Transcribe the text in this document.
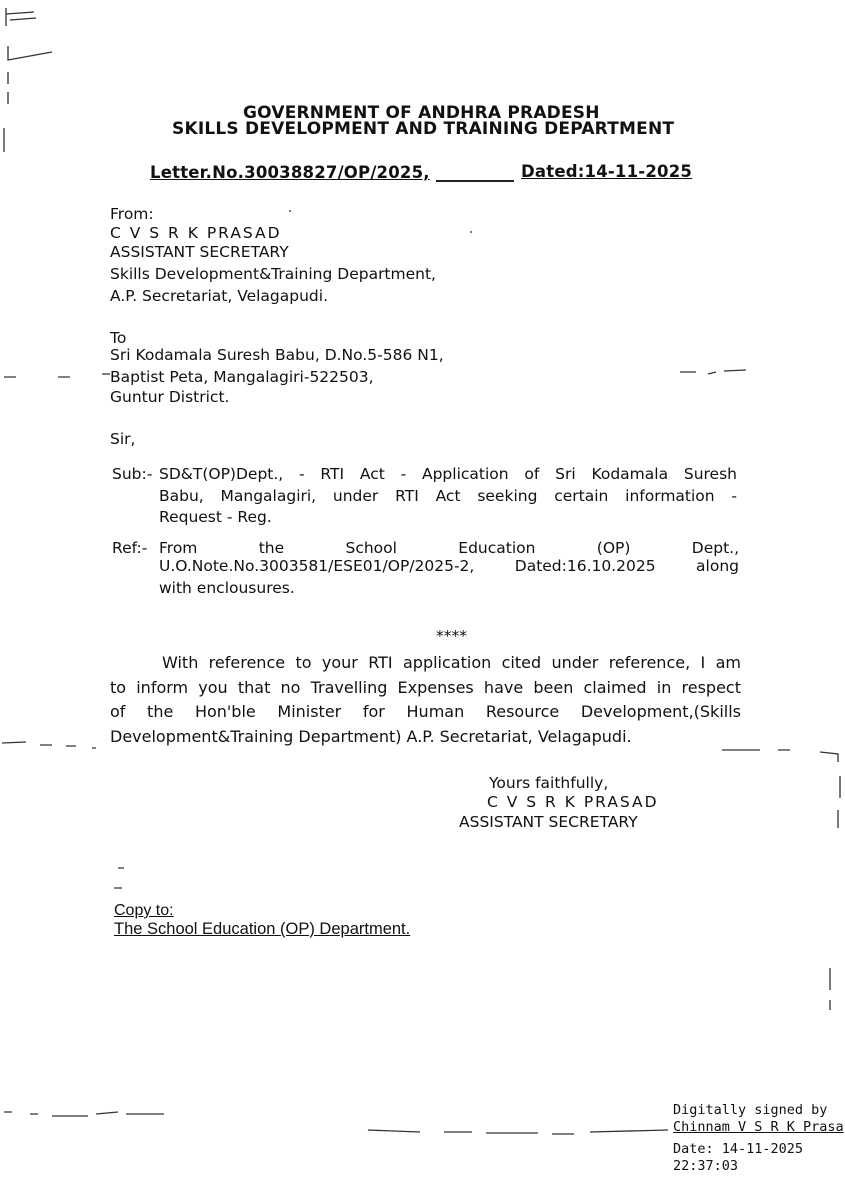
GOVERNMENT OF ANDHRA PRADESH
SKILLS DEVELOPMENT AND TRAINING DEPARTMENT
Letter.No.30038827/OP/2025,	Dated:14-11-2025
From:
C V S R K PRASAD
ASSISTANT SECRETARY
Skills Development&Training Department,
A.P. Secretariat, Velagapudi.
To
Sri Kodamala Suresh Babu, D.No.5-586 N1,
Baptist Peta, Mangalagiri-522503,
Guntur District.
Sir,
Sub:- SD&T(OP)Dept., - RTI Act - Application of Sri Kodamala Suresh
Babu, Mangalagiri, under RTI Act seeking certain information -
Request - Reg.
Ref:- From the School Education (OP) Dept.,
U.O.Note.No.3003581/ESE01/OP/2025-2, Dated:16.10.2025 along
with enclousures.
****
With reference to your RTI application cited under reference, I am
to inform you that no Travelling Expenses have been claimed in respect
of the Hon'ble Minister for Human Resource Development,(Skills
Development&Training Department) A.P. Secretariat, Velagapudi.
Yours faithfully,
C V S R K PRASAD
ASSISTANT SECRETARY
Copy to:
The School Education (OP) Department.
Digitally signed by
Chinnam V S R K Prasa
Date: 14-11-2025
22:37:03
